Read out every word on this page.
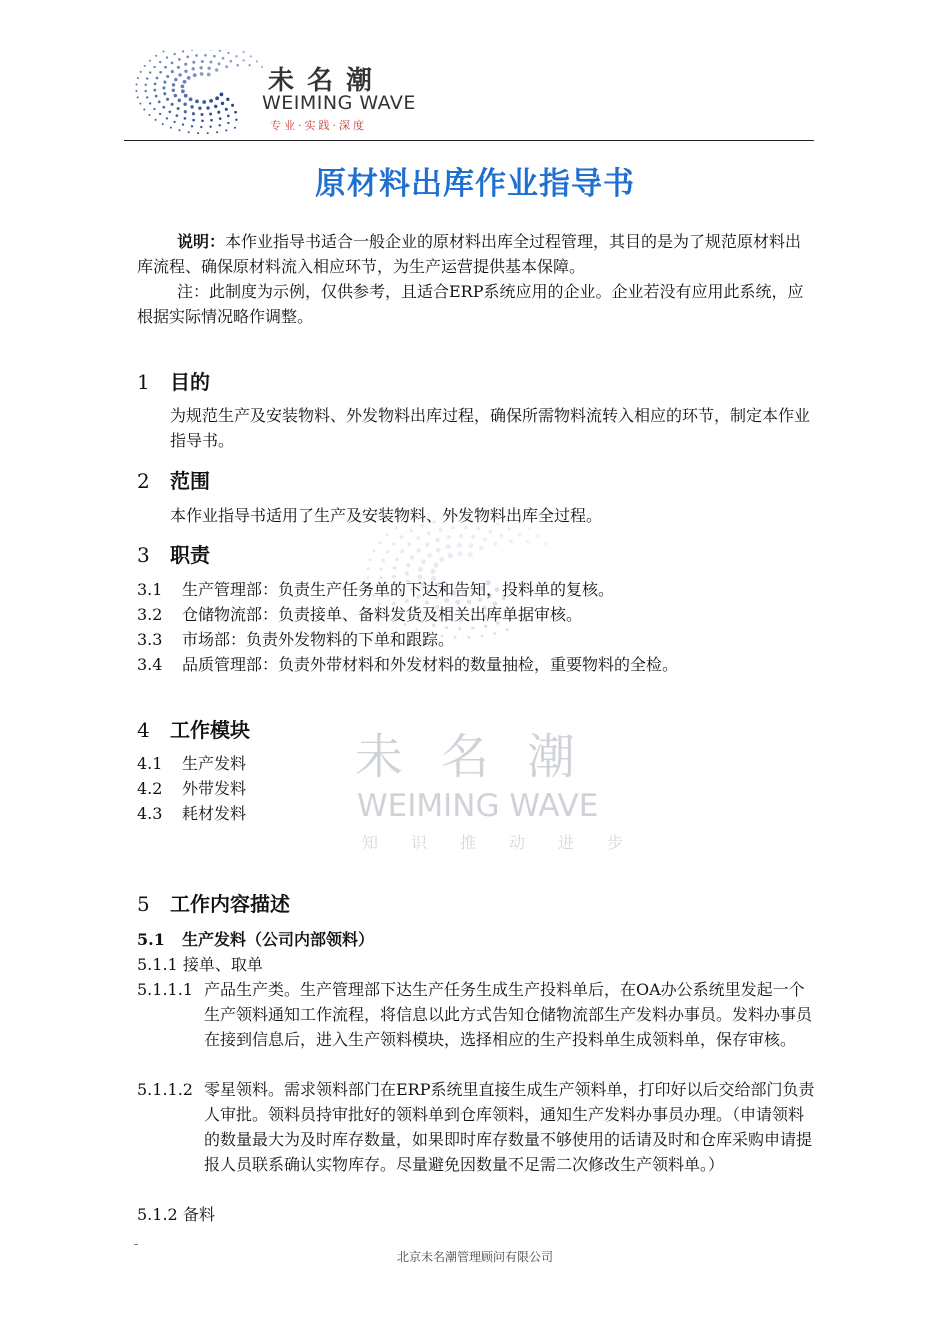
未名潮
WEIMING WAVE
专业·实践·深度
未名潮
WEIMING WAVE
知识推动进步
原材料出库作业指导书
说明：本作业指导书适合一般企业的原材料出库全过程管理，其目的是为了规范原材料出库流程、确保原材料流入相应环节，为生产运营提供基本保障。
注：此制度为示例，仅供参考，且适合ERP系统应用的企业。企业若没有应用此系统，应根据实际情况略作调整。
1 目的
为规范生产及安装物料、外发物料出库过程，确保所需物料流转入相应的环节，制定本作业指导书。
2 范围
本作业指导书适用了生产及安装物料、外发物料出库全过程。
3 职责
3.1 生产管理部：负责生产任务单的下达和告知，投料单的复核。
3.2 仓储物流部：负责接单、备料发货及相关出库单据审核。
3.3 市场部：负责外发物料的下单和跟踪。
3.4 品质管理部：负责外带材料和外发材料的数量抽检，重要物料的全检。
4 工作模块
4.1 生产发料
4.2 外带发料
4.3 耗材发料
5 工作内容描述
5.1 生产发料（公司内部领料）
5.1.1 接单、取单
5.1.1.1 产品生产类。生产管理部下达生产任务生成生产投料单后，在OA办公系统里发起一个生产领料通知工作流程，将信息以此方式告知仓储物流部生产发料办事员。发料办事员在接到信息后，进入生产领料模块，选择相应的生产投料单生成领料单，保存审核。
5.1.1.2 零星领料。需求领料部门在ERP系统里直接生成生产领料单，打印好以后交给部门负责人审批。领料员持审批好的领料单到仓库领料，通知生产发料办事员办理。（申请领料的数量最大为及时库存数量，如果即时库存数量不够使用的话请及时和仓库采购申请提报人员联系确认实物库存。尽量避免因数量不足需二次修改生产领料单。）
5.1.2 备料
-
北京未名潮管理顾问有限公司
